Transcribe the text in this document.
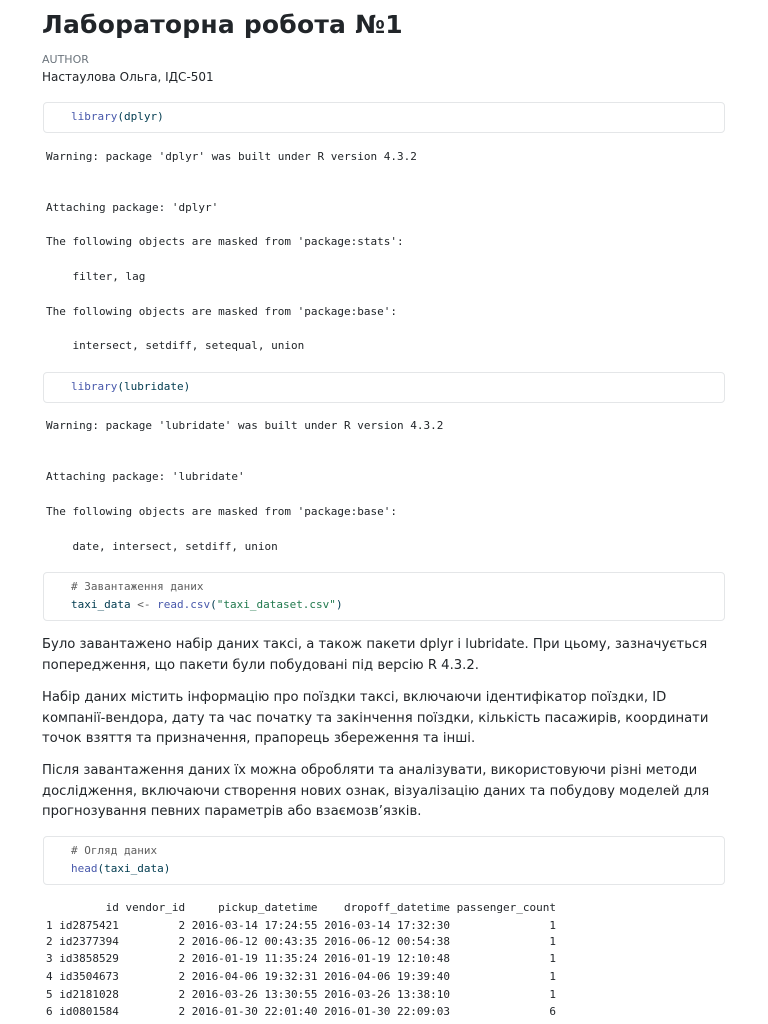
Лабораторна робота №1
AUTHOR
Настаулова Ольга, ІДС-501
library(dplyr)
Warning: package 'dplyr' was built under R version 4.3.2
Attaching package: 'dplyr'
The following objects are masked from 'package:stats':
filter, lag
The following objects are masked from 'package:base':
intersect, setdiff, setequal, union
library(lubridate)
Warning: package 'lubridate' was built under R version 4.3.2
Attaching package: 'lubridate'
The following objects are masked from 'package:base':
date, intersect, setdiff, union
# Завантаження даних
taxi_data <- read.csv("taxi_dataset.csv")

Було завантажено набір даних таксі, а також пакети dplyr і lubridate. При цьому, зазначується попередження, що пакети були побудовані під версію R 4.3.2.

Набір даних містить інформацію про поїздки таксі, включаючи ідентифікатор поїздки, ID компанії-вендора, дату та час початку та закінчення поїздки, кількість пасажирів, координати точок взяття та призначення, прапорець збереження та інші.

Після завантаження даних їх можна обробляти та аналізувати, використовуючи різні методи дослідження, включаючи створення нових ознак, візуалізацію даних та побудову моделей для прогнозування певних параметрів або взаємозв’язків.

# Огляд даних
head(taxi_data)
id vendor_id     pickup_datetime    dropoff_datetime passenger_count
1 id2875421         2 2016-03-14 17:24:55 2016-03-14 17:32:30               1
2 id2377394         2 2016-06-12 00:43:35 2016-06-12 00:54:38               1
3 id3858529         2 2016-01-19 11:35:24 2016-01-19 12:10:48               1
4 id3504673         2 2016-04-06 19:32:31 2016-04-06 19:39:40               1
5 id2181028         2 2016-03-26 13:30:55 2016-03-26 13:38:10               1
6 id0801584         2 2016-01-30 22:01:40 2016-01-30 22:09:03               6
